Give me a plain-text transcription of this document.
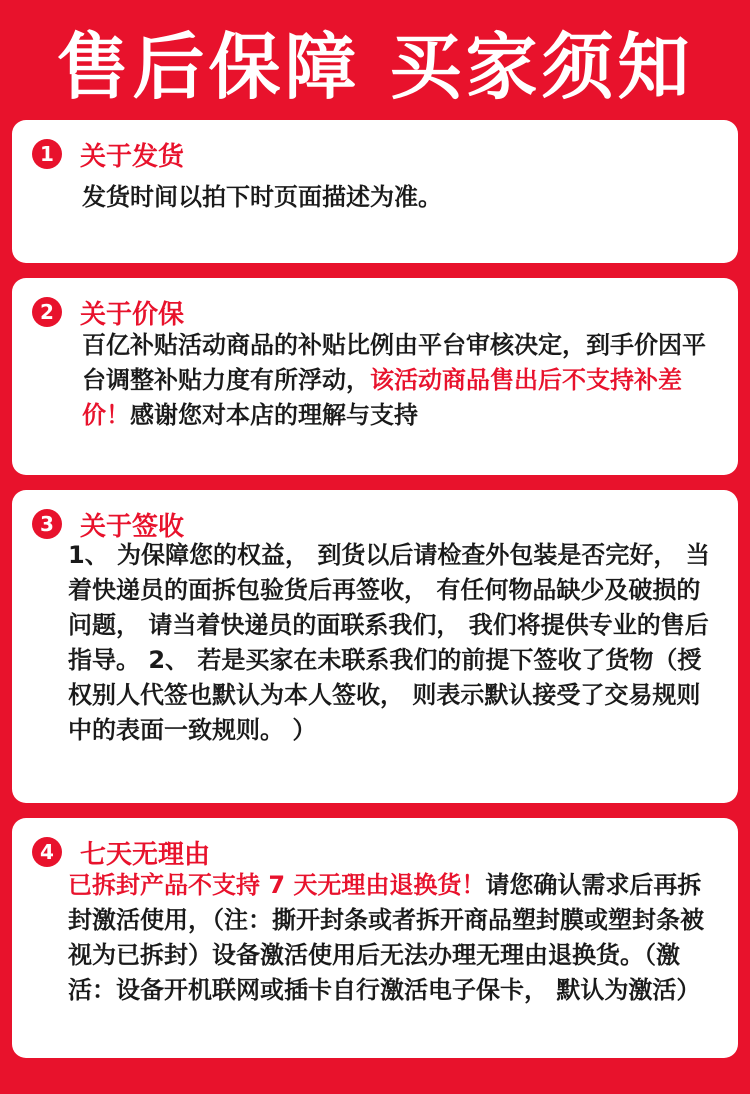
售后保障 买家须知
1	关于发货
发货时间以拍下时页面描述为准。
2	关于价保
百亿补贴活动商品的补贴比例由平台审核决定，到手价因平台调整补贴力度有所浮动，该活动商品售出后不支持补差价！感谢您对本店的理解与支持
3	关于签收
1、 为保障您的权益， 到货以后请检查外包装是否完好， 当着快递员的面拆包验货后再签收， 有任何物品缺少及破损的问题， 请当着快递员的面联系我们， 我们将提供专业的售后指导。 2、 若是买家在未联系我们的前提下签收了货物（授权别人代签也默认为本人签收， 则表示默认接受了交易规则中的表面一致规则。 ）
4	七天无理由
已拆封产品不支持 7 天无理由退换货！请您确认需求后再拆封激活使用，（注：撕开封条或者拆开商品塑封膜或塑封条被视为已拆封）设备激活使用后无法办理无理由退换货。（激活：设备开机联网或插卡自行激活电子保卡， 默认为激活）
